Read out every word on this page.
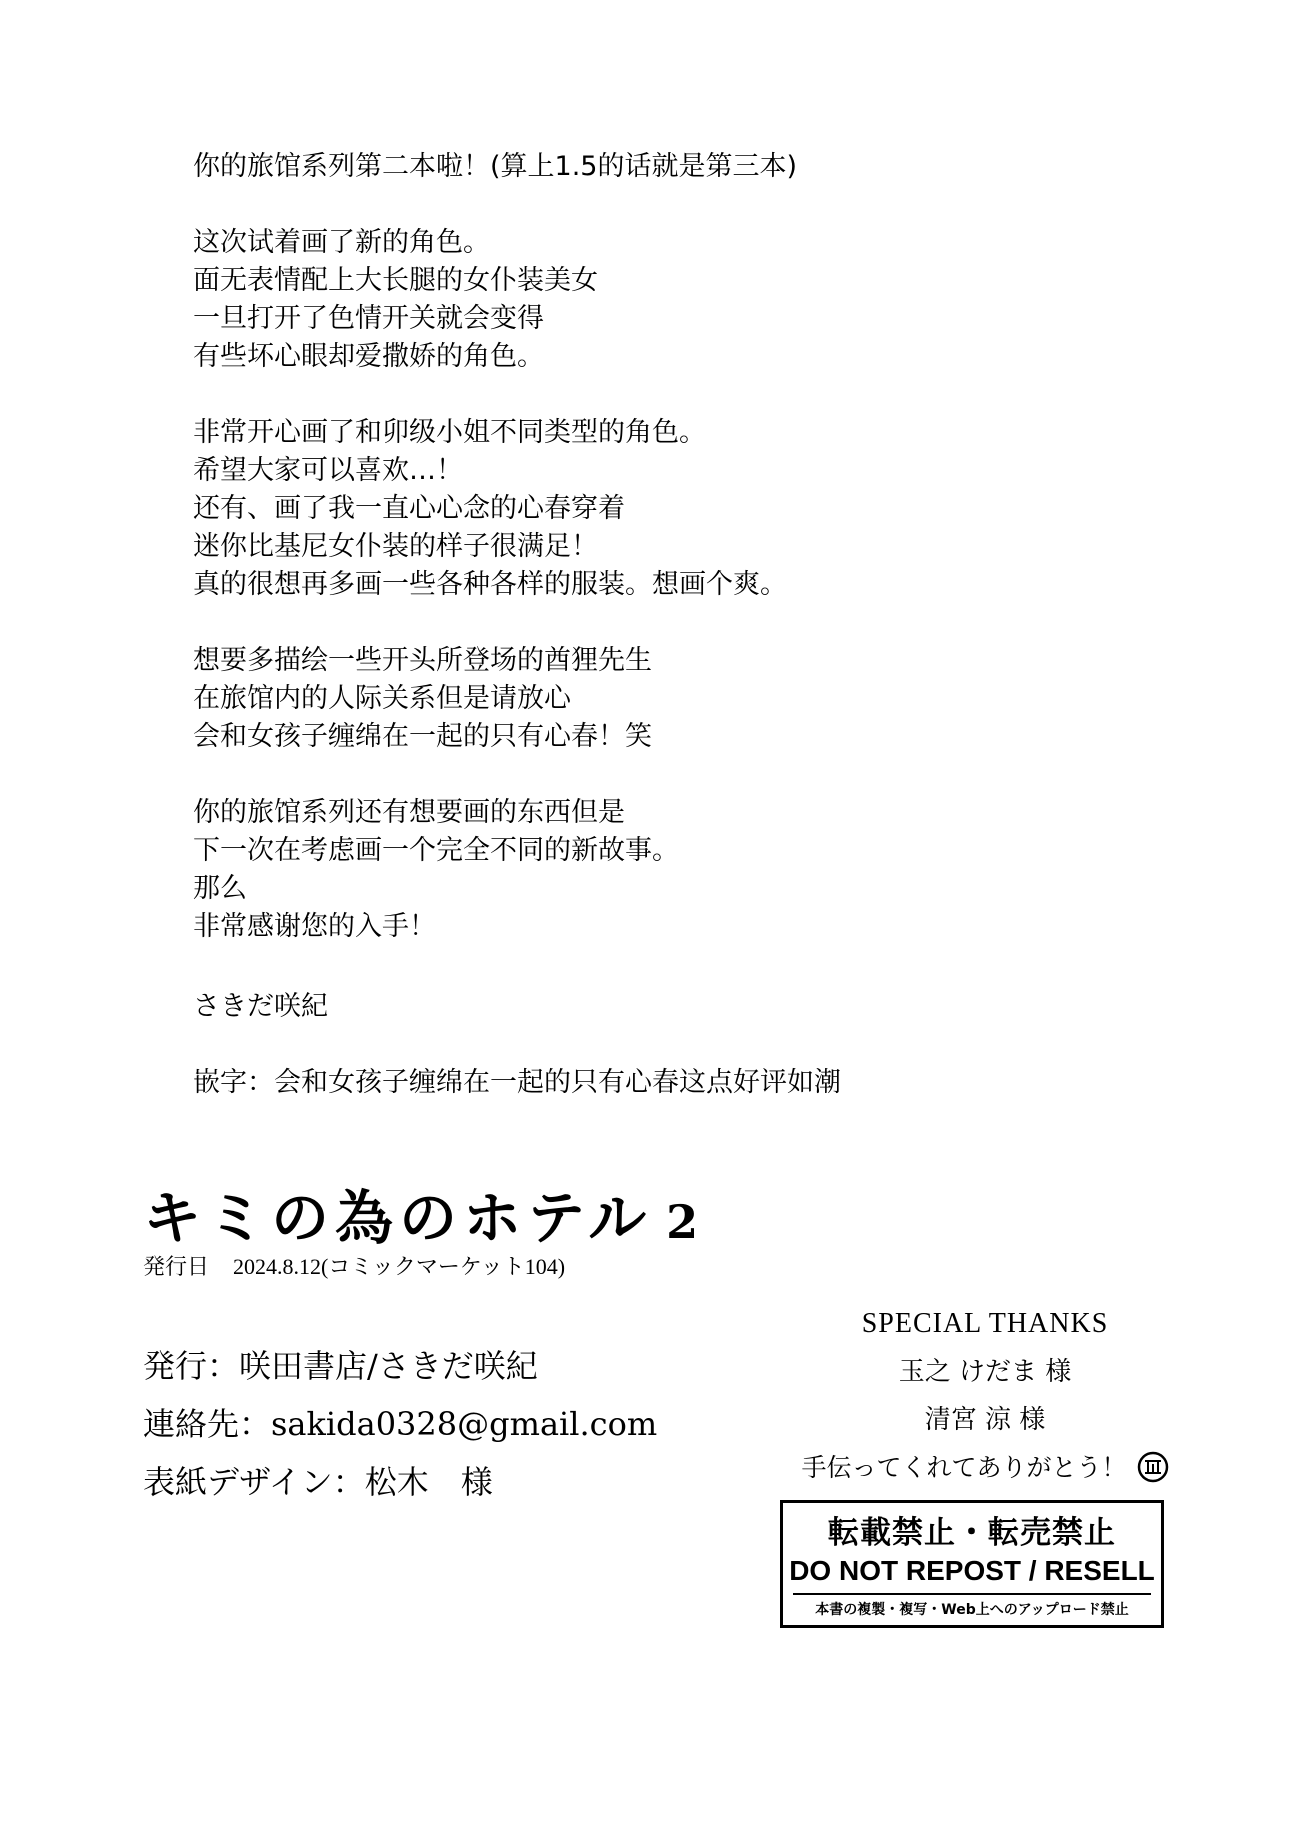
你的旅馆系列第二本啦！(算上1.5的话就是第三本)
这次试着画了新的角色。
面无表情配上大长腿的女仆装美女
一旦打开了色情开关就会变得
有些坏心眼却爱撒娇的角色。
非常开心画了和卯级小姐不同类型的角色。
希望大家可以喜欢…！
还有、画了我一直心心念的心春穿着
迷你比基尼女仆装的样子很满足！
真的很想再多画一些各种各样的服装。想画个爽。
想要多描绘一些开头所登场的酋狸先生
在旅馆内的人际关系但是请放心
会和女孩子缠绵在一起的只有心春！笑
你的旅馆系列还有想要画的东西但是
下一次在考虑画一个完全不同的新故事。
那么
非常感谢您的入手！
さきだ咲紀
嵌字：会和女孩子缠绵在一起的只有心春这点好评如潮
キミの為のホテル 2
発行日 2024.8.12(コミックマーケット104)
発行：咲田書店/さきだ咲紀
連絡先：sakida0328@gmail.com
表紙デザイン：松木　様
SPECIAL THANKS
玉之 けだま 様
清宮 涼 様
手伝ってくれてありがとう！
転載禁止・転売禁止
DO NOT REPOST / RESELL
本書の複製・複写・Web上へのアップロード禁止
